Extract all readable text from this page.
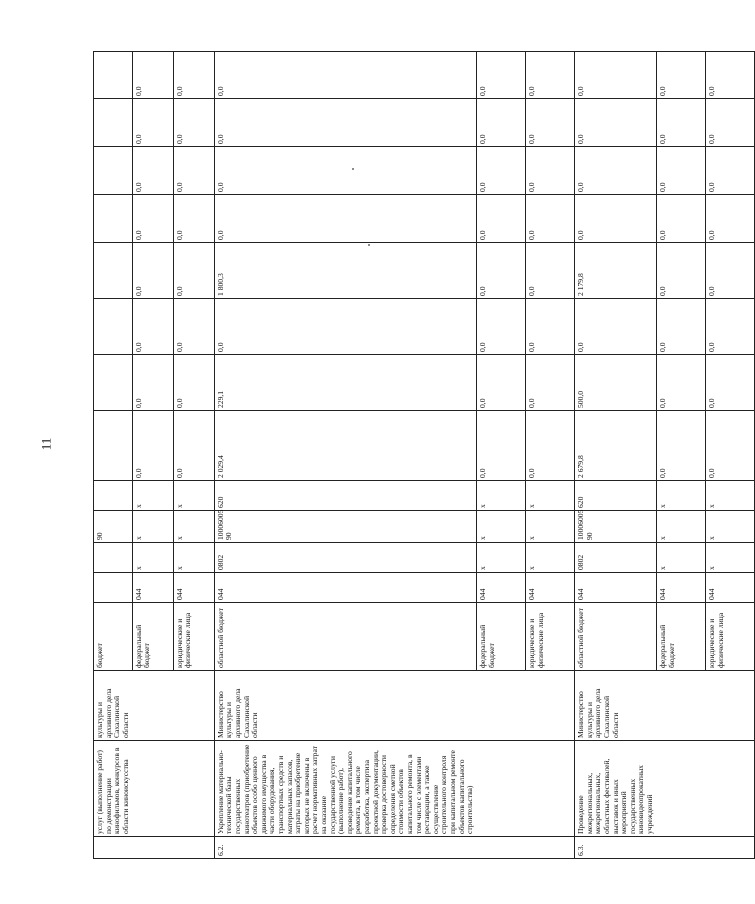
11
	услуг (выполнение работ) по демонстрации кинофильмов, конкурсов в области киноискусства	культуры и архивного дела Сахалинской области	бюджет			90									
			федеральный бюджет	044	х	х	х	0,0	0,0	0,0	0,0	0,0	0,0	0,0	0,0
			юридические и физические лица	044	х	х	х	0,0	0,0	0,0	0,0	0,0	0,0	0,0	0,0
6.2.	Укрепление материально-технической базы государственных кинотеатров (приобретение объектов особо ценного движимого имущества в части оборудования, транспортных средств и материальных запасов, затраты на приобретение которых не включены в расчет нормативных затрат на оказание государственной услуги (выполнение работ), проведение капитального ремонта, в том числе разработка, экспертиза проектной документации, проверка достоверности определения сметной стоимости объектов капитального ремонта, в том числе с элементами реставрации, а также осуществление строительного контроля при капитальном ремонте объектов капитального строительства)	Министерство культуры и архивного дела Сахалинской области	областной бюджет	044	0802	10006005 90	620	2 029,4	229,1	0,0	1 800,3	0,0	0,0	0,0	0,0
			федеральный бюджет	044	х	х	х	0,0	0,0	0,0	0,0	0,0	0,0	0,0	0,0
			юридические и физические лица	044	х	х	х	0,0	0,0	0,0	0,0	0,0	0,0	0,0	0,0
6.3.	Проведение межрегиональных, межрегиональных, областных фестивалей, выставок и иных мероприятий государственных киновидеопрокатных учреждений	Министерство культуры и архивного дела Сахалинской области	областной бюджет	044	0802	10006005 90	620	2 679,8	500,0	0,0	2 179,8	0,0	0,0	0,0	0,0
			федеральный бюджет	044	х	х	х	0,0	0,0	0,0	0,0	0,0	0,0	0,0	0,0
			юридические и физические лица	044	х	х	х	0,0	0,0	0,0	0,0	0,0	0,0	0,0	0,0
